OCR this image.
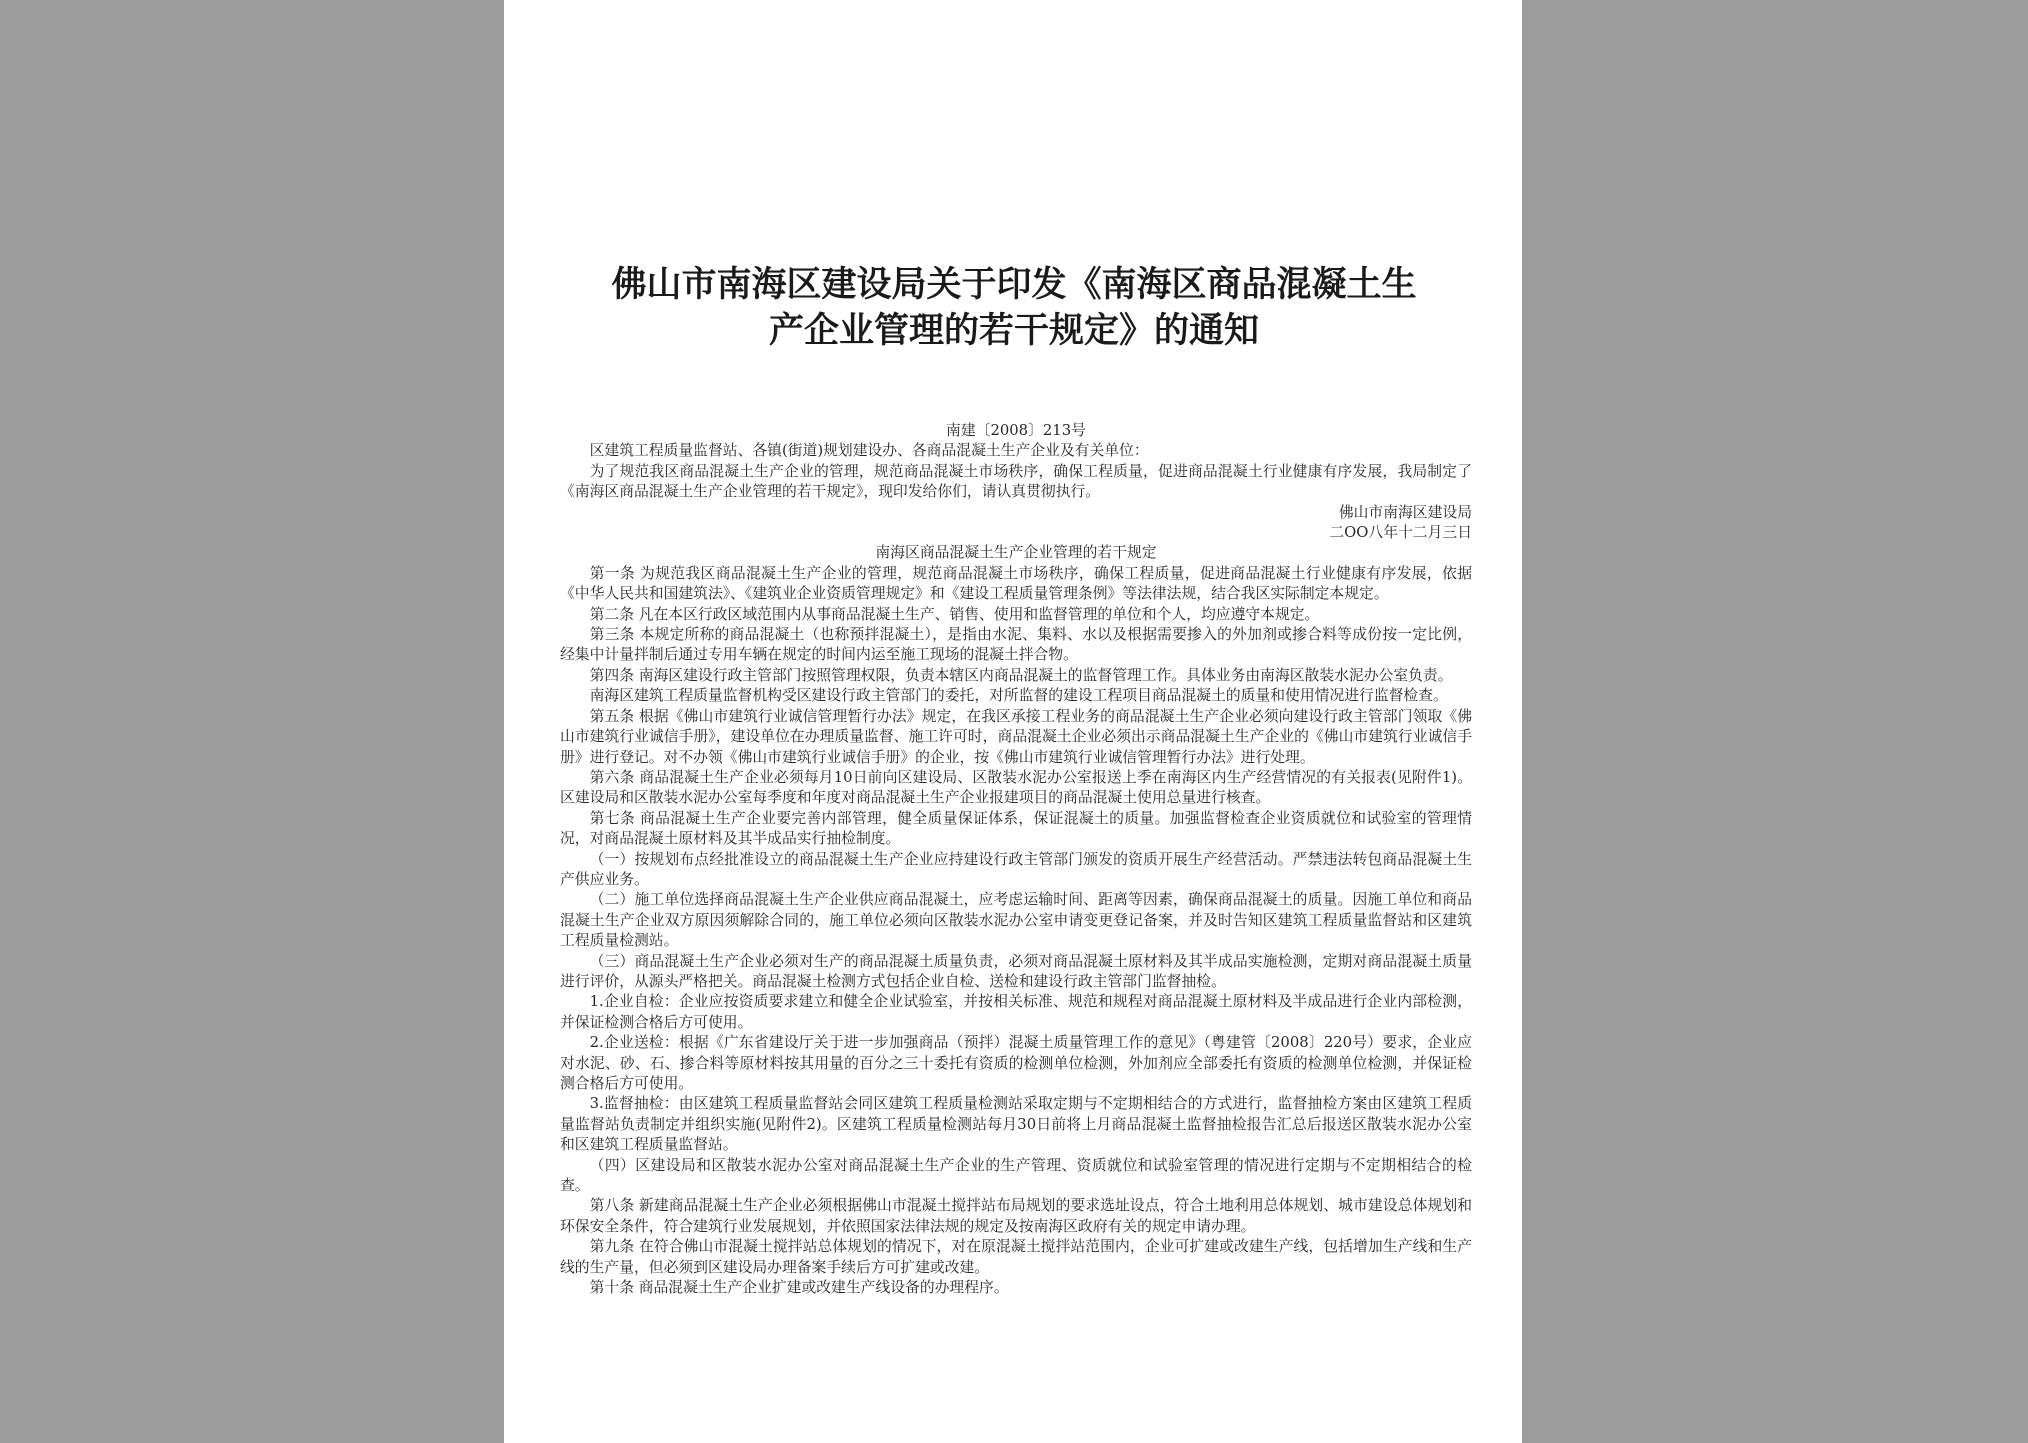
佛山市南海区建设局关于印发《南海区商品混凝土生
产企业管理的若干规定》的通知

南建〔2008〕213号

区建筑工程质量监督站、各镇(街道)规划建设办、各商品混凝土生产企业及有关单位：

为了规范我区商品混凝土生产企业的管理，规范商品混凝土市场秩序，确保工程质量，促进商品混凝土行业健康有序发展，我局制定了《南海区商品混凝土生产企业管理的若干规定》，现印发给你们，请认真贯彻执行。

佛山市南海区建设局

二OO八年十二月三日

南海区商品混凝土生产企业管理的若干规定

第一条 为规范我区商品混凝土生产企业的管理，规范商品混凝土市场秩序，确保工程质量，促进商品混凝土行业健康有序发展，依据《中华人民共和国建筑法》、《建筑业企业资质管理规定》和《建设工程质量管理条例》等法律法规，结合我区实际制定本规定。

第二条 凡在本区行政区域范围内从事商品混凝土生产、销售、使用和监督管理的单位和个人，均应遵守本规定。

第三条 本规定所称的商品混凝土（也称预拌混凝土），是指由水泥、集料、水以及根据需要掺入的外加剂或掺合料等成份按一定比例，经集中计量拌制后通过专用车辆在规定的时间内运至施工现场的混凝土拌合物。

第四条 南海区建设行政主管部门按照管理权限，负责本辖区内商品混凝土的监督管理工作。具体业务由南海区散装水泥办公室负责。

南海区建筑工程质量监督机构受区建设行政主管部门的委托，对所监督的建设工程项目商品混凝土的质量和使用情况进行监督检查。

第五条 根据《佛山市建筑行业诚信管理暂行办法》规定，在我区承接工程业务的商品混凝土生产企业必须向建设行政主管部门领取《佛山市建筑行业诚信手册》，建设单位在办理质量监督、施工许可时，商品混凝土企业必须出示商品混凝土生产企业的《佛山市建筑行业诚信手册》进行登记。对不办领《佛山市建筑行业诚信手册》的企业，按《佛山市建筑行业诚信管理暂行办法》进行处理。

第六条 商品混凝土生产企业必须每月10日前向区建设局、区散装水泥办公室报送上季在南海区内生产经营情况的有关报表(见附件1)。区建设局和区散装水泥办公室每季度和年度对商品混凝土生产企业报建项目的商品混凝土使用总量进行核查。

第七条 商品混凝土生产企业要完善内部管理，健全质量保证体系，保证混凝土的质量。加强监督检查企业资质就位和试验室的管理情况，对商品混凝土原材料及其半成品实行抽检制度。

（一）按规划布点经批准设立的商品混凝土生产企业应持建设行政主管部门颁发的资质开展生产经营活动。严禁违法转包商品混凝土生产供应业务。

（二）施工单位选择商品混凝土生产企业供应商品混凝土，应考虑运输时间、距离等因素，确保商品混凝土的质量。因施工单位和商品混凝土生产企业双方原因须解除合同的，施工单位必须向区散装水泥办公室申请变更登记备案，并及时告知区建筑工程质量监督站和区建筑工程质量检测站。

（三）商品混凝土生产企业必须对生产的商品混凝土质量负责，必须对商品混凝土原材料及其半成品实施检测，定期对商品混凝土质量进行评价，从源头严格把关。商品混凝土检测方式包括企业自检、送检和建设行政主管部门监督抽检。

1.企业自检：企业应按资质要求建立和健全企业试验室，并按相关标准、规范和规程对商品混凝土原材料及半成品进行企业内部检测，并保证检测合格后方可使用。

2.企业送检：根据《广东省建设厅关于进一步加强商品（预拌）混凝土质量管理工作的意见》（粤建管〔2008〕220号）要求，企业应对水泥、砂、石、掺合料等原材料按其用量的百分之三十委托有资质的检测单位检测，外加剂应全部委托有资质的检测单位检测，并保证检测合格后方可使用。

3.监督抽检：由区建筑工程质量监督站会同区建筑工程质量检测站采取定期与不定期相结合的方式进行，监督抽检方案由区建筑工程质量监督站负责制定并组织实施(见附件2)。区建筑工程质量检测站每月30日前将上月商品混凝土监督抽检报告汇总后报送区散装水泥办公室和区建筑工程质量监督站。

（四）区建设局和区散装水泥办公室对商品混凝土生产企业的生产管理、资质就位和试验室管理的情况进行定期与不定期相结合的检查。

第八条 新建商品混凝土生产企业必须根据佛山市混凝土搅拌站布局规划的要求选址设点，符合土地利用总体规划、城市建设总体规划和环保安全条件，符合建筑行业发展规划，并依照国家法律法规的规定及按南海区政府有关的规定申请办理。

第九条 在符合佛山市混凝土搅拌站总体规划的情况下，对在原混凝土搅拌站范围内，企业可扩建或改建生产线，包括增加生产线和生产线的生产量，但必须到区建设局办理备案手续后方可扩建或改建。

第十条 商品混凝土生产企业扩建或改建生产线设备的办理程序。
